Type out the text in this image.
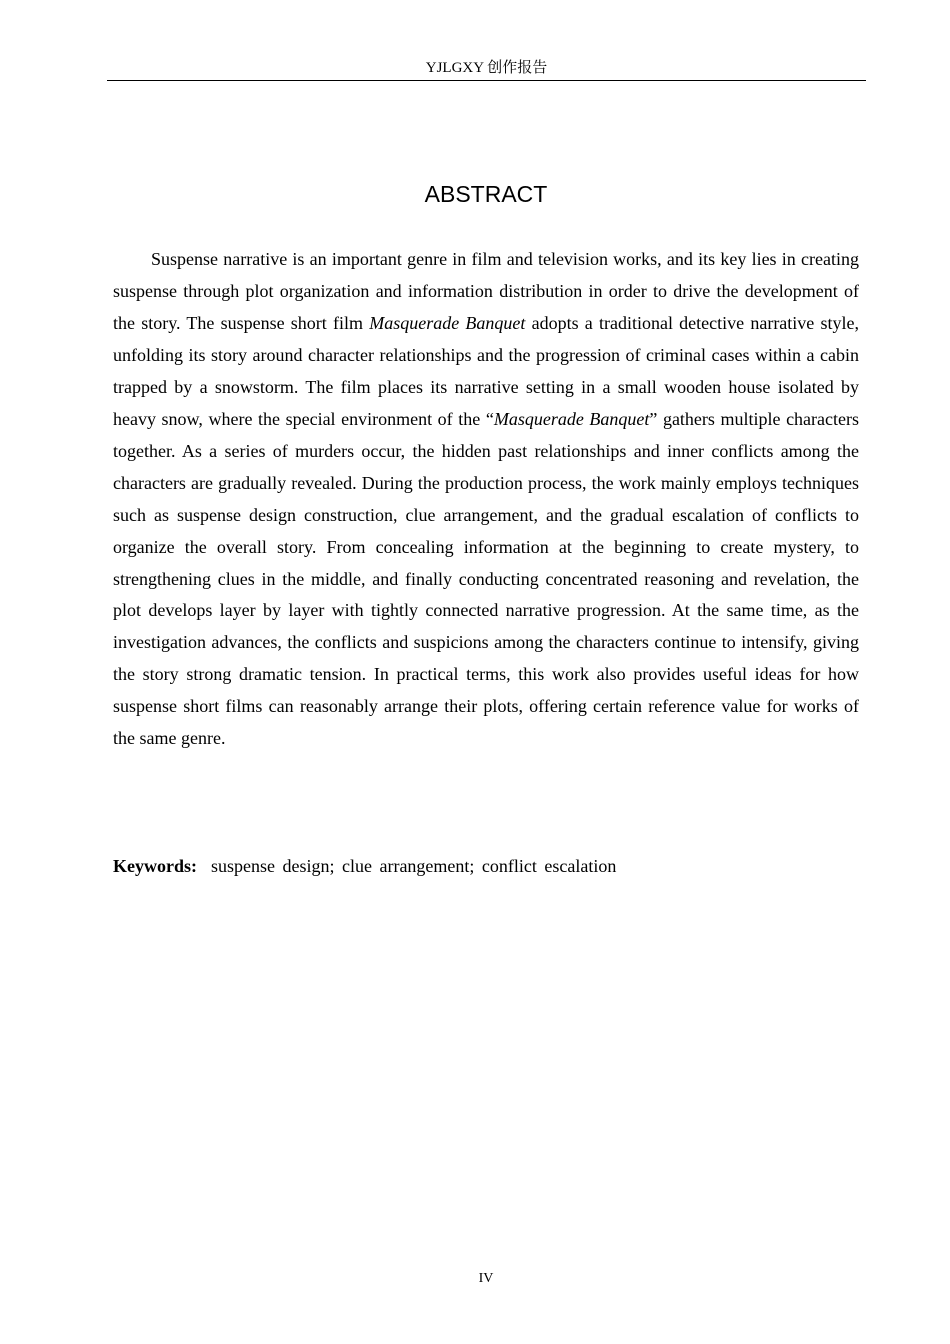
YJLGXY 创作报告
ABSTRACT

Suspense narrative is an important genre in film and television works, and its key lies in creating suspense through plot organization and information distribution in order to drive the development of the story. The suspense short film Masquerade Banquet adopts a traditional detective narrative style, unfolding its story around character relationships and the progression of criminal cases within a cabin trapped by a snowstorm. The film places its narrative setting in a small wooden house isolated by heavy snow, where the special environment of the “Masquerade Banquet” gathers multiple characters together. As a series of murders occur, the hidden past relationships and inner conflicts among the characters are gradually revealed. During the production process, the work mainly employs techniques such as suspense design construction, clue arrangement, and the gradual escalation of conflicts to organize the overall story. From concealing information at the beginning to create mystery, to strengthening clues in the middle, and finally conducting concentrated reasoning and revelation, the plot develops layer by layer with tightly connected narrative progression. At the same time, as the investigation advances, the conflicts and suspicions among the characters continue to intensify, giving the story strong dramatic tension. In practical terms, this work also provides useful ideas for how suspense short films can reasonably arrange their plots, offering certain reference value for works of the same genre.

Keywords: suspense design; clue arrangement; conflict escalation
IV
